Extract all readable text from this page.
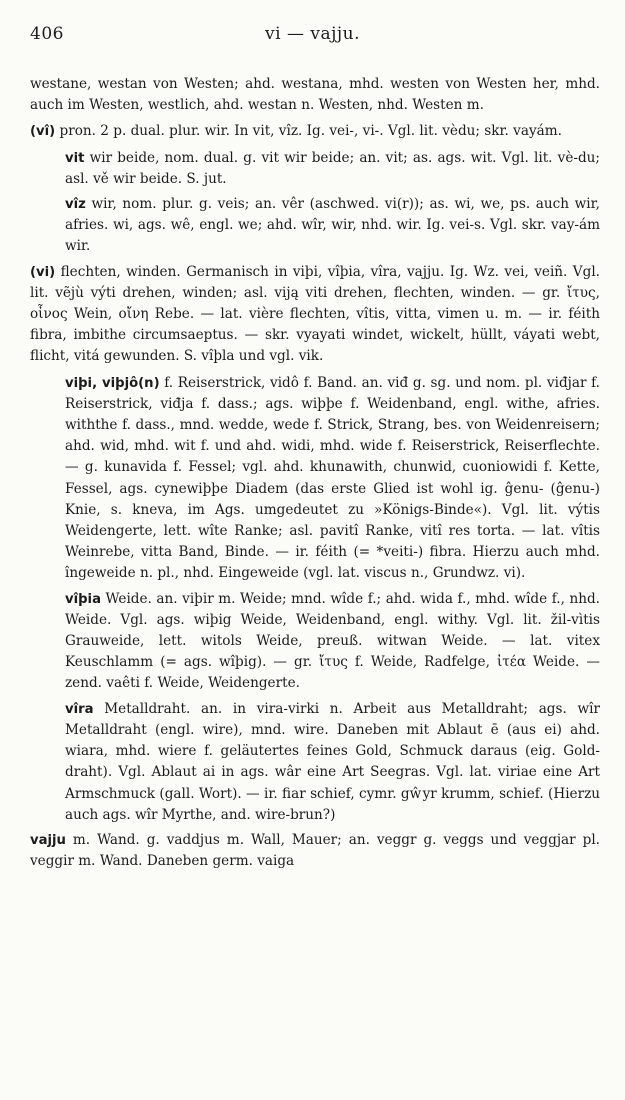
406	vi — vajju.

westane, westan von Westen; ahd. westana, mhd. westen von Westen her, mhd. auch im Westen, westlich, ahd. westan n. Westen, nhd. Westen m.

(vî) pron. 2 p. dual. plur. wir. In vit, vîz. Ig. vei-, vi-. Vgl. lit. vèdu; skr. vayám.

vit wir beide, nom. dual. g. vit wir beide; an. vit; as. ags. wit. Vgl. lit. vè-du; asl. vě wir beide. S. jut.

vîz wir, nom. plur. g. veis; an. vêr (aschwed. vi(r)); as. wi, we, ps. auch wir, afries. wi, ags. wê, engl. we; ahd. wîr, wir, nhd. wir. Ig. vei-s. Vgl. skr. vay-ám wir.

(vi) flechten, winden. Germanisch in viþi, vîþia, vîra, vajju. Ig. Wz. vei, veiñ. Vgl. lit. vẽjù výti drehen, winden; asl. viją viti drehen, flechten, winden. — gr. ἴτυς, οἶνος Wein, οἴνη Rebe. — lat. vière flechten, vîtis, vitta, vimen u. m. — ir. féith fibra, imbithe circumsaeptus. — skr. vyayati windet, wickelt, hüllt, váyati webt, flicht, vitá gewunden. S. vîþla und vgl. vik.

viþi, viþjô(n) f. Reiserstrick, vidô f. Band. an. viđ g. sg. und nom. pl. viđjar f. Reiserstrick, viđja f. dass.; ags. wiþþe f. Weidenband, engl. withe, afries. withthe f. dass., mnd. wedde, wede f. Strick, Strang, bes. von Weidenreisern; ahd. wid, mhd. wit f. und ahd. widi, mhd. wide f. Reiserstrick, Reiserflechte. — g. kunavida f. Fessel; vgl. ahd. khunawith, chunwid, cuoniowidi f. Kette, Fessel, ags. cynewiþþe Diadem (das erste Glied ist wohl ig. ĝenu- (ĝenu-) Knie, s. kneva, im Ags. umgedeutet zu »Königs-Binde«). Vgl. lit. výtis Weidengerte, lett. wîte Ranke; asl. pavitî Ranke, vitî res torta. — lat. vîtis Weinrebe, vitta Band, Binde. — ir. féith (= *veiti-) fibra. Hierzu auch mhd. îngeweide n. pl., nhd. Eingeweide (vgl. lat. viscus n., Grundwz. vi).

vîþia Weide. an. viþir m. Weide; mnd. wîde f.; ahd. wida f., mhd. wîde f., nhd. Weide. Vgl. ags. wiþig Weide, Weidenband, engl. withy. Vgl. lit. žil-vìtis Grauweide, lett. witols Weide, preuß. witwan Weide. — lat. vitex Keuschlamm (= ags. wîþig). — gr. ἴτυς f. Weide, Radfelge, ἰτέα Weide. — zend. vaêti f. Weide, Weidengerte.

vîra Metalldraht. an. in vira-virki n. Arbeit aus Metalldraht; ags. wîr Metalldraht (engl. wire), mnd. wire. Daneben mit Ablaut ē (aus ei) ahd. wiara, mhd. wiere f. geläutertes feines Gold, Schmuck daraus (eig. Gold-draht). Vgl. Ablaut ai in ags. wâr eine Art Seegras. Vgl. lat. viriae eine Art Armschmuck (gall. Wort). — ir. fiar schief, cymr. gŵyr krumm, schief. (Hierzu auch ags. wîr Myrthe, and. wire-brun?)

vajju m. Wand. g. vaddjus m. Wall, Mauer; an. veggr g. veggs und veggjar pl. veggir m. Wand. Daneben germ. vaiga
